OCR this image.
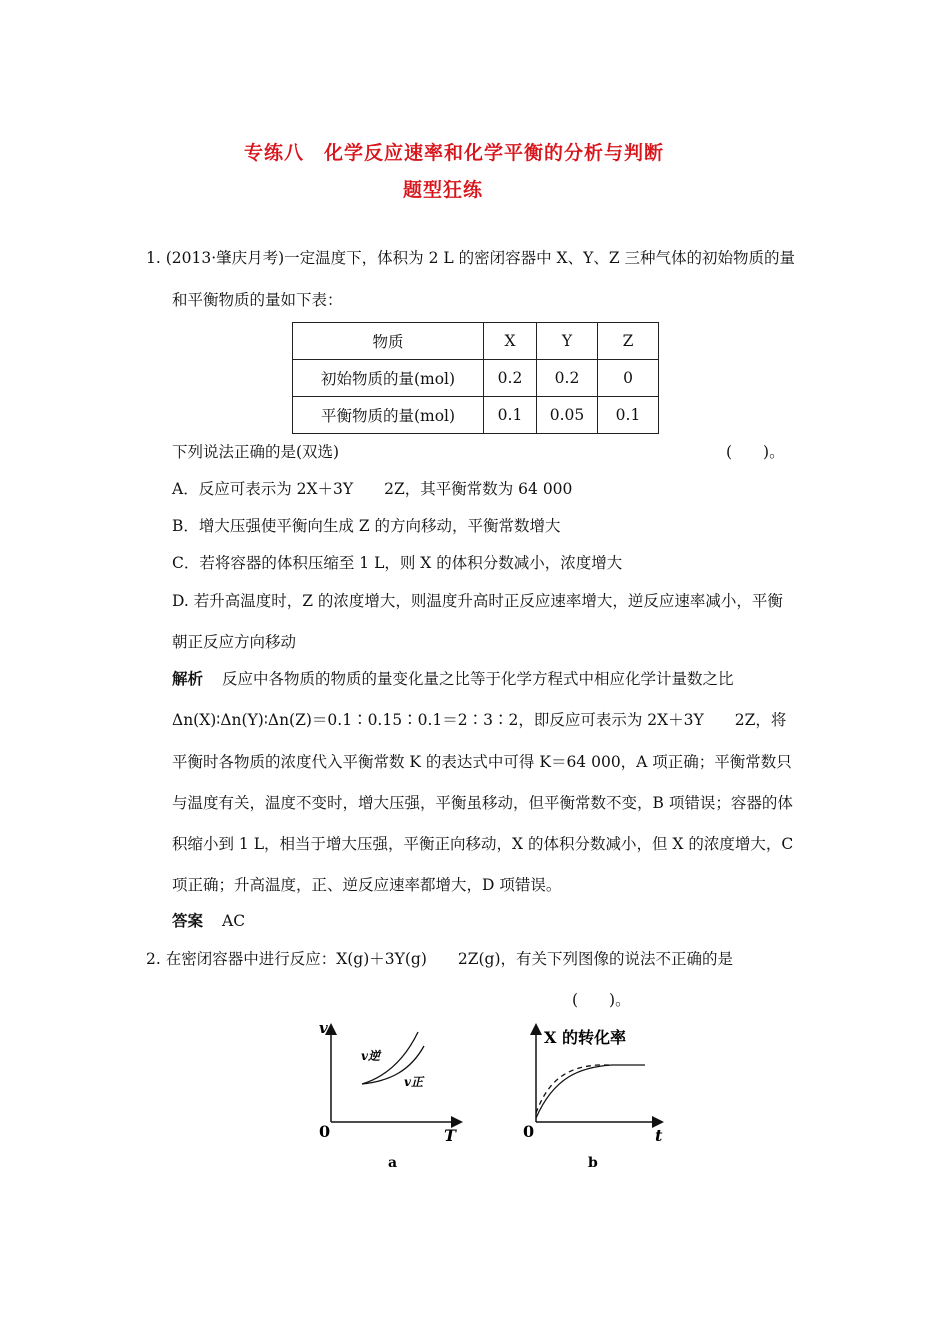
专练八　化学反应速率和化学平衡的分析与判断
题型狂练
1. (2013·肇庆月考)一定温度下，体积为 2 L 的密闭容器中 X、Y、Z 三种气体的初始物质的量
和平衡物质的量如下表：
物质	X	Y	Z
初始物质的量(mol)	0.2	0.2	0
平衡物质的量(mol)	0.1	0.05	0.1
下列说法正确的是(双选)	(　　)。
A．反应可表示为 2X＋3Y　　2Z，其平衡常数为 64 000
B．增大压强使平衡向生成 Z 的方向移动，平衡常数增大
C．若将容器的体积压缩至 1 L，则 X 的体积分数减小，浓度增大
D. 若升高温度时，Z 的浓度增大，则温度升高时正反应速率增大，逆反应速率减小，平衡
朝正反应方向移动
解析 反应中各物质的物质的量变化量之比等于化学方程式中相应化学计量数之比
Δn(X)∶Δn(Y)∶Δn(Z)＝0.1∶0.15∶0.1＝2∶3∶2，即反应可表示为 2X＋3Y　　2Z，将
平衡时各物质的浓度代入平衡常数 K 的表达式中可得 K＝64 000，A 项正确；平衡常数只
与温度有关，温度不变时，增大压强，平衡虽移动，但平衡常数不变，B 项错误；容器的体
积缩小到 1 L，相当于增大压强，平衡正向移动，X 的体积分数减小，但 X 的浓度增大，C
项正确；升高温度，正、逆反应速率都增大，D 项错误。
答案 AC
2. 在密闭容器中进行反应：X(g)＋3Y(g)　　2Z(g)，有关下列图像的说法不正确的是
(　　)。
v
T
0
v逆
v正
a
X 的转化率
t
0
b
